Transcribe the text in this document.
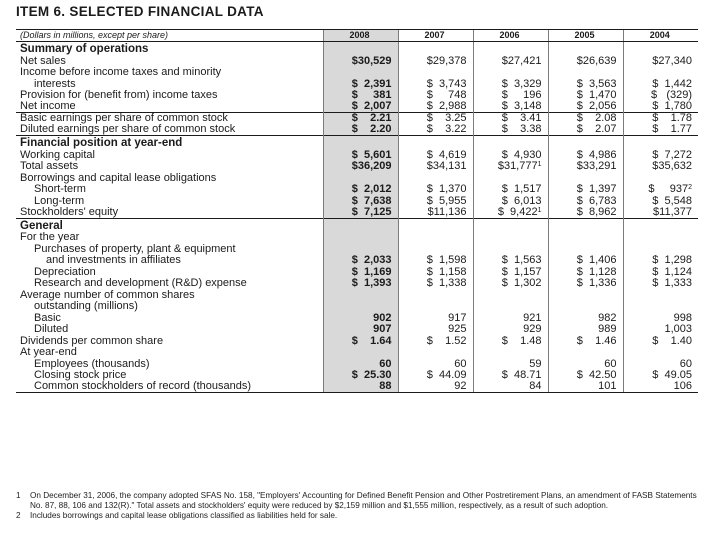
ITEM 6. SELECTED FINANCIAL DATA
(Dollars in millions, except per share)	2008	2007	2006	2005	2004
Summary of operations					
Net sales	$30,529	$29,378	$27,421	$26,639	$27,340
Income before income taxes and minority					
interests	$  2,391	$  3,743	$  3,329	$  3,563	$  1,442
Provision for (benefit from) income taxes	$     381	$     748	$     196	$  1,470	$   (329)
Net income	$  2,007	$  2,988	$  3,148	$  2,056	$  1,780
Basic earnings per share of common stock	$    2.21	$    3.25	$    3.41	$    2.08	$    1.78
Diluted earnings per share of common stock	$    2.20	$    3.22	$    3.38	$    2.07	$    1.77
Financial position at year-end					
Working capital	$  5,601	$  4,619	$  4,930	$  4,986	$  7,272
Total assets	$36,209	$34,131	$31,777$^1$	$33,291	$35,632
Borrowings and capital lease obligations					
Short-term	$  2,012	$  1,370	$  1,517	$  1,397	$     $937^2$
Long-term	$  7,638	$  5,955	$  6,013	$  6,783	$  5,548
Stockholders' equity	$  7,125	$11,136	$  9,422$^1$	$  8,962	$11,377
General					
For the year					
Purchases of property, plant & equipment					
and investments in affiliates	$  2,033	$  1,598	$  1,563	$  1,406	$  1,298
Depreciation	$  1,169	$  1,158	$  1,157	$  1,128	$  1,124
Research and development (R&D) expense	$  1,393	$  1,338	$  1,302	$  1,336	$  1,333
Average number of common shares					
outstanding (millions)					
Basic	902	917	921	982	998
Diluted	907	925	929	989	1,003
Dividends per common share	$    1.64	$    1.52	$    1.48	$    1.46	$    1.40
At year-end					
Employees (thousands)	60	60	59	60	60
Closing stock price	$  25.30	$  44.09	$  48.71	$  42.50	$  49.05
Common stockholders of record (thousands)	88	92	84	101	106
1	On December 31, 2006, the company adopted SFAS No. 158, "Employers' Accounting for Defined Benefit Pension and Other Postretirement Plans, an amendment of FASB Statements No. 87, 88, 106 and 132(R)." Total assets and stockholders' equity were reduced by $2,159 million and $1,555 million, respectively, as a result of such adoption.
2	Includes borrowings and capital lease obligations classified as liabilities held for sale.
